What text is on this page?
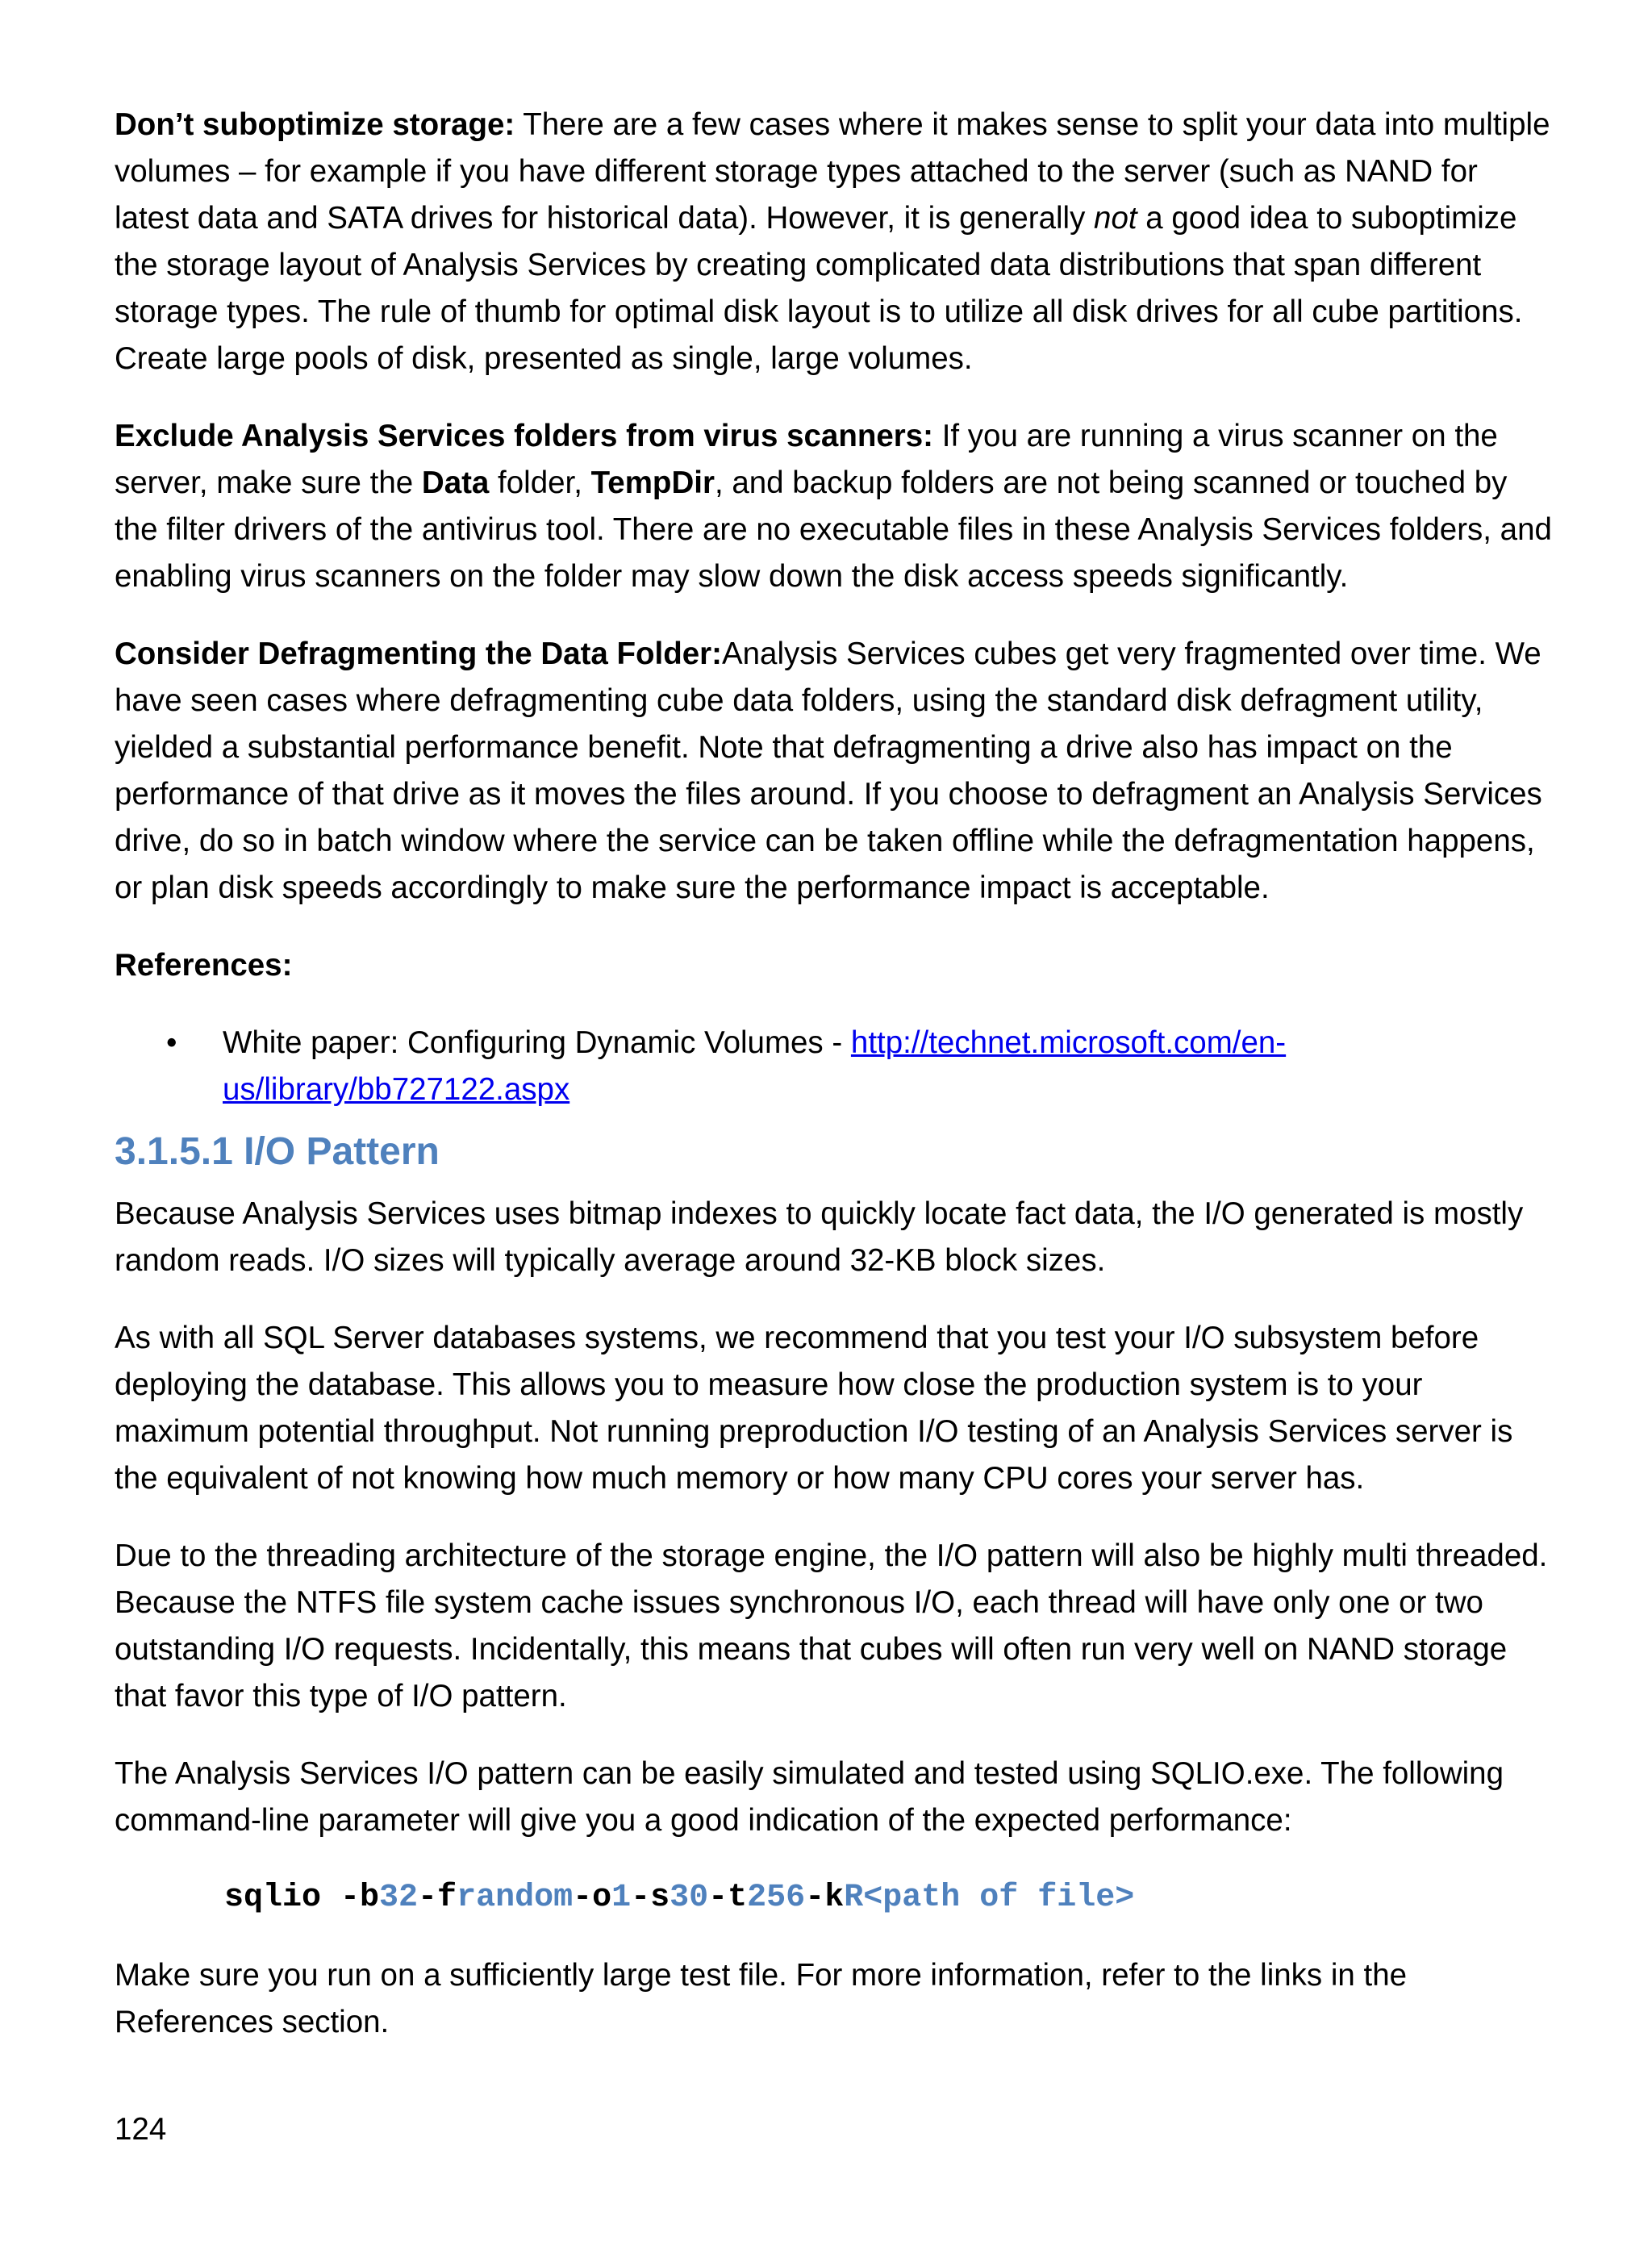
Don’t suboptimize storage: There are a few cases where it makes sense to split your data into multiple volumes – for example if you have different storage types attached to the server (such as NAND for latest data and SATA drives for historical data). However, it is generally not a good idea to suboptimize the storage layout of Analysis Services by creating complicated data distributions that span different storage types. The rule of thumb for optimal disk layout is to utilize all disk drives for all cube partitions. Create large pools of disk, presented as single, large volumes.

Exclude Analysis Services folders from virus scanners: If you are running a virus scanner on the server, make sure the Data folder, TempDir, and backup folders are not being scanned or touched by the filter drivers of the antivirus tool. There are no executable files in these Analysis Services folders, and enabling virus scanners on the folder may slow down the disk access speeds significantly.

Consider Defragmenting the Data Folder:Analysis Services cubes get very fragmented over time. We have seen cases where defragmenting cube data folders, using the standard disk defragment utility, yielded a substantial performance benefit. Note that defragmenting a drive also has impact on the performance of that drive as it moves the files around. If you choose to defragment an Analysis Services drive, do so in batch window where the service can be taken offline while the defragmentation happens, or plan disk speeds accordingly to make sure the performance impact is acceptable.

References:

• White paper: Configuring Dynamic Volumes - http://technet.microsoft.com/en-us/library/bb727122.aspx
3.1.5.1 I/O Pattern

Because Analysis Services uses bitmap indexes to quickly locate fact data, the I/O generated is mostly random reads. I/O sizes will typically average around 32-KB block sizes.

As with all SQL Server databases systems, we recommend that you test your I/O subsystem before deploying the database. This allows you to measure how close the production system is to your maximum potential throughput. Not running preproduction I/O testing of an Analysis Services server is the equivalent of not knowing how much memory or how many CPU cores your server has.

Due to the threading architecture of the storage engine, the I/O pattern will also be highly multi threaded. Because the NTFS file system cache issues synchronous I/O, each thread will have only one or two outstanding I/O requests. Incidentally, this means that cubes will often run very well on NAND storage that favor this type of I/O pattern.

The Analysis Services I/O pattern can be easily simulated and tested using SQLIO.exe. The following command-line parameter will give you a good indication of the expected performance:

sqlio -b32-frandom-o1-s30-t256-kR<path of file>

Make sure you run on a sufficiently large test file. For more information, refer to the links in the References section.

124
